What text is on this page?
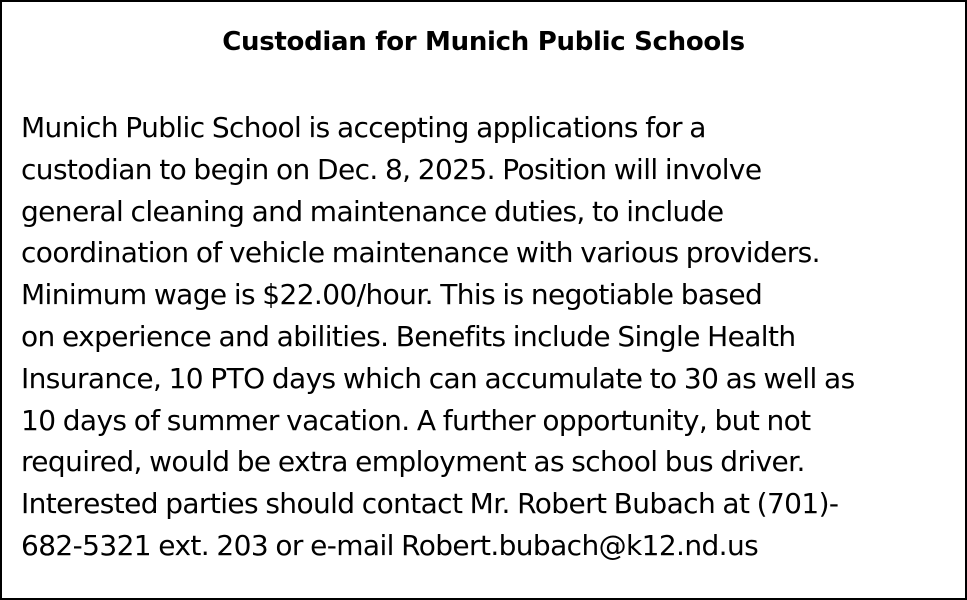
Custodian for Munich Public Schools
Munich Public School is accepting applications for a
custodian to begin on Dec. 8, 2025. Position will involve
general cleaning and maintenance duties, to include
coordination of vehicle maintenance with various providers.
Minimum wage is $22.00/hour. This is negotiable based
on experience and abilities. Benefits include Single Health
Insurance, 10 PTO days which can accumulate to 30 as well as
10 days of summer vacation. A further opportunity, but not
required, would be extra employment as school bus driver.
Interested parties should contact Mr. Robert Bubach at (701)-
682-5321 ext. 203 or e-mail Robert.bubach@k12.nd.us
